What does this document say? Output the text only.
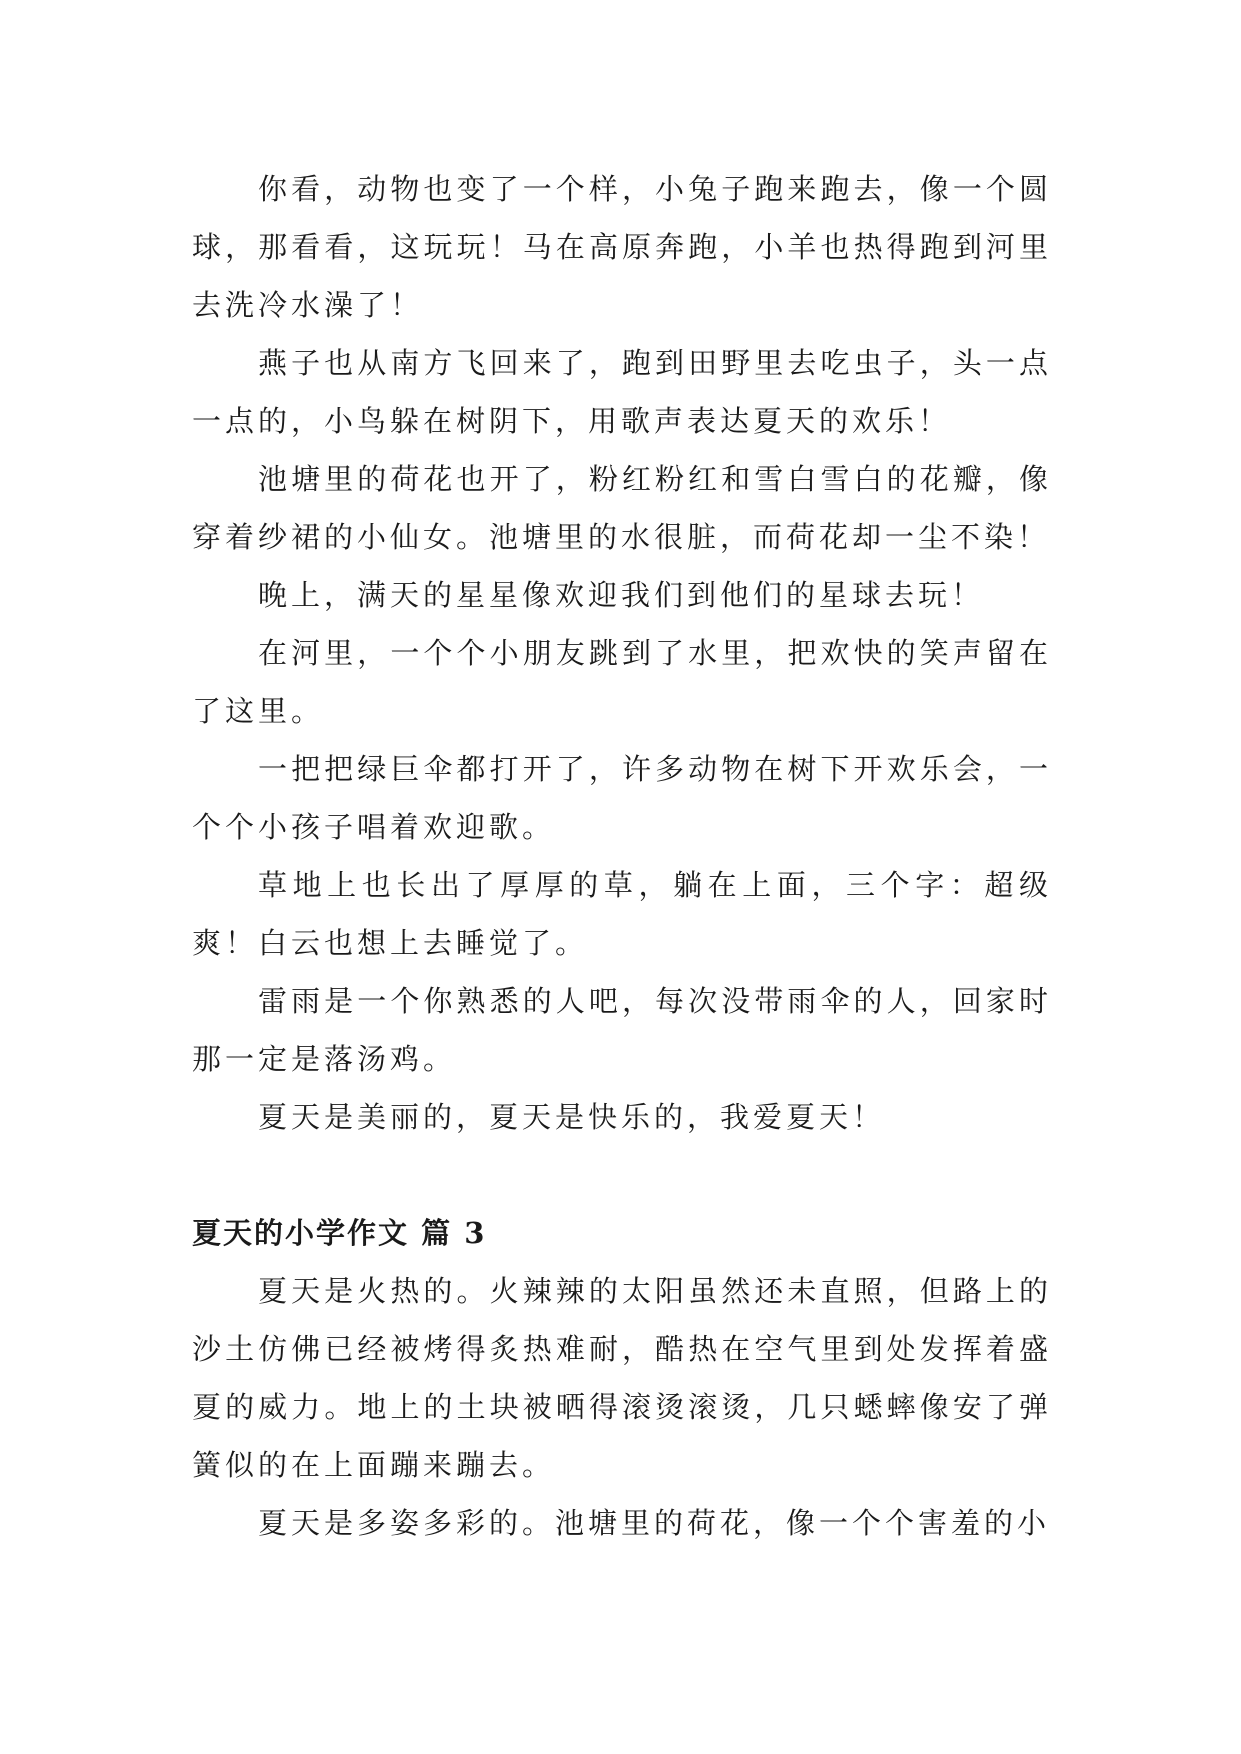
你看，动物也变了一个样，小兔子跑来跑去，像一个圆球，那看看，这玩玩！马在高原奔跑，小羊也热得跑到河里去洗冷水澡了！

燕子也从南方飞回来了，跑到田野里去吃虫子，头一点一点的，小鸟躲在树阴下，用歌声表达夏天的欢乐！

池塘里的荷花也开了，粉红粉红和雪白雪白的花瓣，像穿着纱裙的小仙女。池塘里的水很脏，而荷花却一尘不染！

晚上，满天的星星像欢迎我们到他们的星球去玩！

在河里，一个个小朋友跳到了水里，把欢快的笑声留在了这里。

一把把绿巨伞都打开了，许多动物在树下开欢乐会，一个个小孩子唱着欢迎歌。

草地上也长出了厚厚的草，躺在上面，三个字：超级爽！白云也想上去睡觉了。

雷雨是一个你熟悉的人吧，每次没带雨伞的人，回家时那一定是落汤鸡。

夏天是美丽的，夏天是快乐的，我爱夏天！

夏天的小学作文 篇 3

夏天是火热的。火辣辣的太阳虽然还未直照，但路上的沙土仿佛已经被烤得炙热难耐，酷热在空气里到处发挥着盛夏的威力。地上的土块被晒得滚烫滚烫，几只蟋蟀像安了弹簧似的在上面蹦来蹦去。

夏天是多姿多彩的。池塘里的荷花，像一个个害羞的小
